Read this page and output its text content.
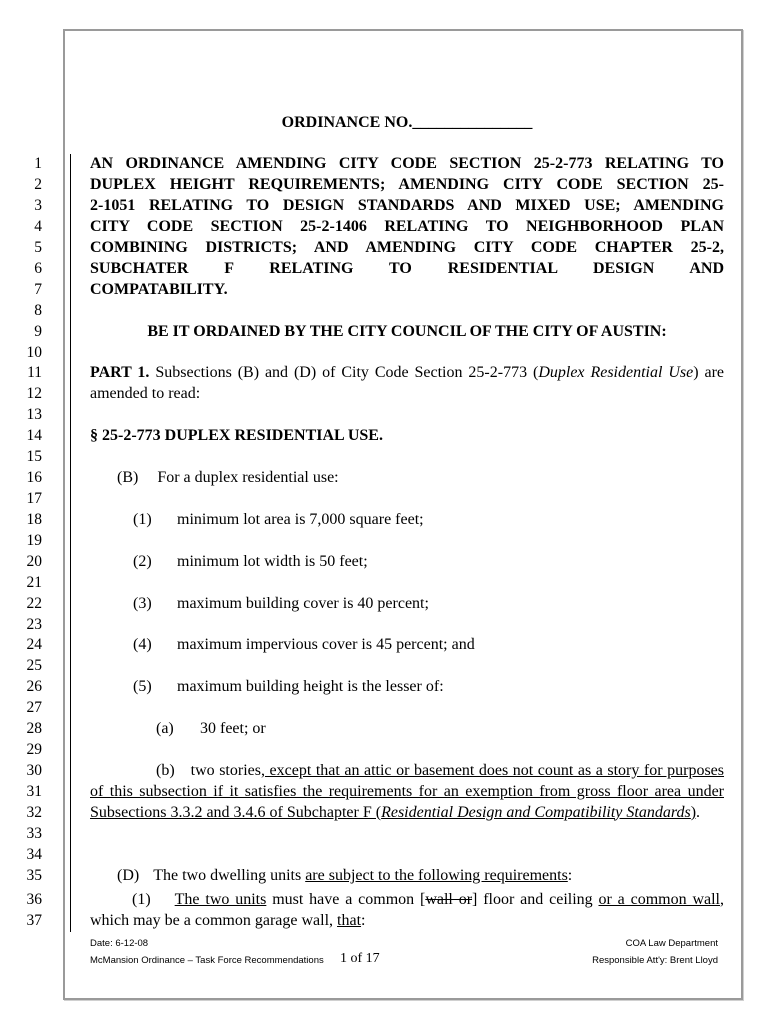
1
2
3
4
5
6
7
8
9
10
11
12
13
14
15
16
17
18
19
20
21
22
23
24
25
26
27
28
29
30
31
32
33
34
35
36
37
ORDINANCE NO._______________
AN ORDINANCE AMENDING CITY CODE SECTION 25-2-773 RELATING TO
DUPLEX HEIGHT REQUIREMENTS; AMENDING CITY CODE SECTION 25-
2-1051 RELATING TO DESIGN STANDARDS AND MIXED USE; AMENDING
CITY CODE SECTION 25-2-1406 RELATING TO NEIGHBORHOOD PLAN
COMBINING DISTRICTS; AND AMENDING CITY CODE CHAPTER 25-2,
SUBCHATER F RELATING TO RESIDENTIAL DESIGN AND
COMPATABILITY.
BE IT ORDAINED BY THE CITY COUNCIL OF THE CITY OF AUSTIN:
PART 1. Subsections (B) and (D) of City Code Section 25-2-773 (Duplex Residential Use) are amended to read:
§ 25-2-773 DUPLEX RESIDENTIAL USE.
(B) For a duplex residential use:
(1) minimum lot area is 7,000 square feet;
(2) minimum lot width is 50 feet;
(3) maximum building cover is 40 percent;
(4) maximum impervious cover is 45 percent; and
(5) maximum building height is the lesser of:
(a) 30 feet; or
(b) two stories, except that an attic or basement does not count as a story for purposes of this subsection if it satisfies the requirements for an exemption from gross floor area under Subsections 3.3.2 and 3.4.6 of Subchapter F (Residential Design and Compatibility Standards).
(D) The two dwelling units are subject to the following requirements:
(1) The two units must have a common [wall or] floor and ceiling or a common wall, which may be a common garage wall, that:
Date: 6-12-08
McMansion Ordinance – Task Force Recommendations 1 of 17
COA Law Department
Responsible Att'y: Brent Lloyd
